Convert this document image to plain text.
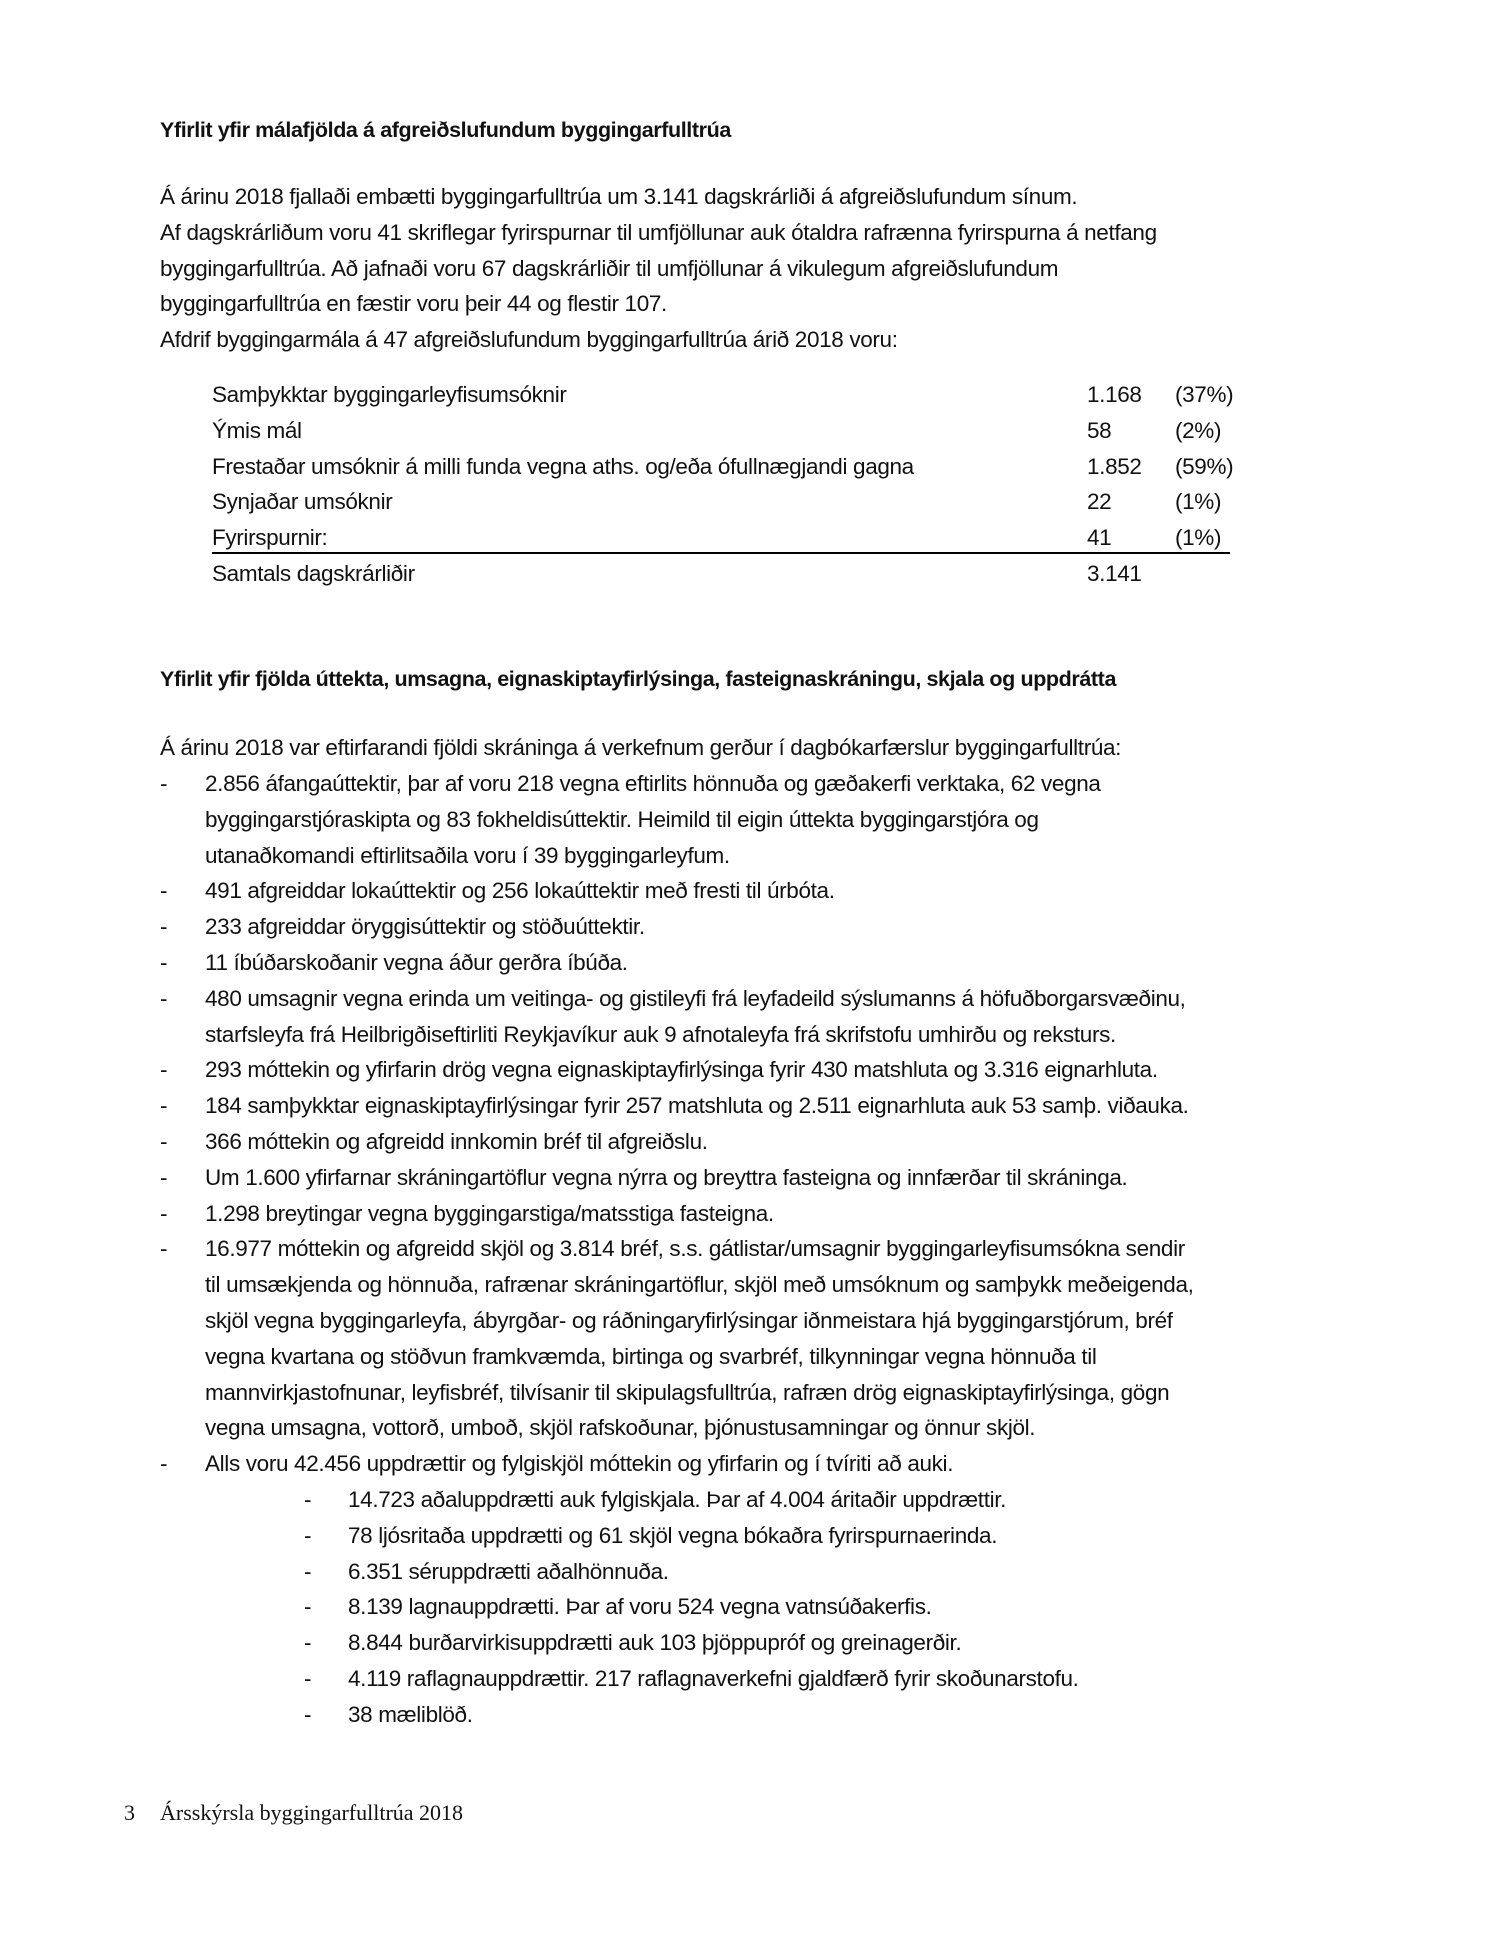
Yfirlit yfir málafjölda á afgreiðslufundum byggingarfulltrúa
Á árinu 2018 fjallaði embætti byggingarfulltrúa um 3.141 dagskrárliði á afgreiðslufundum sínum.
Af dagskrárliðum voru 41 skriflegar fyrirspurnar til umfjöllunar auk ótaldra rafrænna fyrirspurna á netfang
byggingarfulltrúa. Að jafnaði voru 67 dagskrárliðir til umfjöllunar á vikulegum afgreiðslufundum
byggingarfulltrúa en fæstir voru þeir 44 og flestir 107.
Afdrif byggingarmála á 47 afgreiðslufundum byggingarfulltrúa árið 2018 voru:
Samþykktar byggingarleyfisumsóknir	1.168 (37%)
Ýmis mál	58	(2%)
Frestaðar umsóknir á milli funda vegna aths. og/eða ófullnægjandi gagna	1.852 (59%)
Synjaðar umsóknir	22	(1%)
Fyrirspurnir:	41	(1%)
Samtals dagskrárliðir	3.141
Yfirlit yfir fjölda úttekta, umsagna, eignaskiptayfirlýsinga, fasteignaskráningu, skjala og uppdrátta
Á árinu 2018 var eftirfarandi fjöldi skráninga á verkefnum gerður í dagbókarfærslur byggingarfulltrúa:
- 2.856 áfangaúttektir, þar af voru 218 vegna eftirlits hönnuða og gæðakerfi verktaka, 62 vegna
byggingarstjóraskipta og 83 fokheldisúttektir. Heimild til eigin úttekta byggingarstjóra og
utanaðkomandi eftirlitsaðila voru í 39 byggingarleyfum.
- 491 afgreiddar lokaúttektir og 256 lokaúttektir með fresti til úrbóta.
- 233 afgreiddar öryggisúttektir og stöðuúttektir.
- 11 íbúðarskoðanir vegna áður gerðra íbúða.
- 480 umsagnir vegna erinda um veitinga- og gistileyfi frá leyfadeild sýslumanns á höfuðborgarsvæðinu,
starfsleyfa frá Heilbrigðiseftirliti Reykjavíkur auk 9 afnotaleyfa frá skrifstofu umhirðu og reksturs.
- 293 móttekin og yfirfarin drög vegna eignaskiptayfirlýsinga fyrir 430 matshluta og 3.316 eignarhluta.
- 184 samþykktar eignaskiptayfirlýsingar fyrir 257 matshluta og 2.511 eignarhluta auk 53 samþ. viðauka.
- 366 móttekin og afgreidd innkomin bréf til afgreiðslu.
- Um 1.600 yfirfarnar skráningartöflur vegna nýrra og breyttra fasteigna og innfærðar til skráninga.
- 1.298 breytingar vegna byggingarstiga/matsstiga fasteigna.
- 16.977 móttekin og afgreidd skjöl og 3.814 bréf, s.s. gátlistar/umsagnir byggingarleyfisumsókna sendir
til umsækjenda og hönnuða, rafrænar skráningartöflur, skjöl með umsóknum og samþykk meðeigenda,
skjöl vegna byggingarleyfa, ábyrgðar- og ráðningaryfirlýsingar iðnmeistara hjá byggingarstjórum, bréf
vegna kvartana og stöðvun framkvæmda, birtinga og svarbréf, tilkynningar vegna hönnuða til
mannvirkjastofnunar, leyfisbréf, tilvísanir til skipulagsfulltrúa, rafræn drög eignaskiptayfirlýsinga, gögn
vegna umsagna, vottorð, umboð, skjöl rafskoðunar, þjónustusamningar og önnur skjöl.
- Alls voru 42.456 uppdrættir og fylgiskjöl móttekin og yfirfarin og í tvíriti að auki.
- 14.723 aðaluppdrætti auk fylgiskjala. Þar af 4.004 áritaðir uppdrættir.
- 78 ljósritaða uppdrætti og 61 skjöl vegna bókaðra fyrirspurnaerinda.
- 6.351 séruppdrætti aðalhönnuða.
- 8.139 lagnauppdrætti. Þar af voru 524 vegna vatnsúðakerfis.
- 8.844 burðarvirkisuppdrætti auk 103 þjöppupróf og greinagerðir.
- 4.119 raflagnauppdrættir. 217 raflagnaverkefni gjaldfærð fyrir skoðunarstofu.
- 38 mæliblöð.
3 Ársskýrsla byggingarfulltrúa 2018
